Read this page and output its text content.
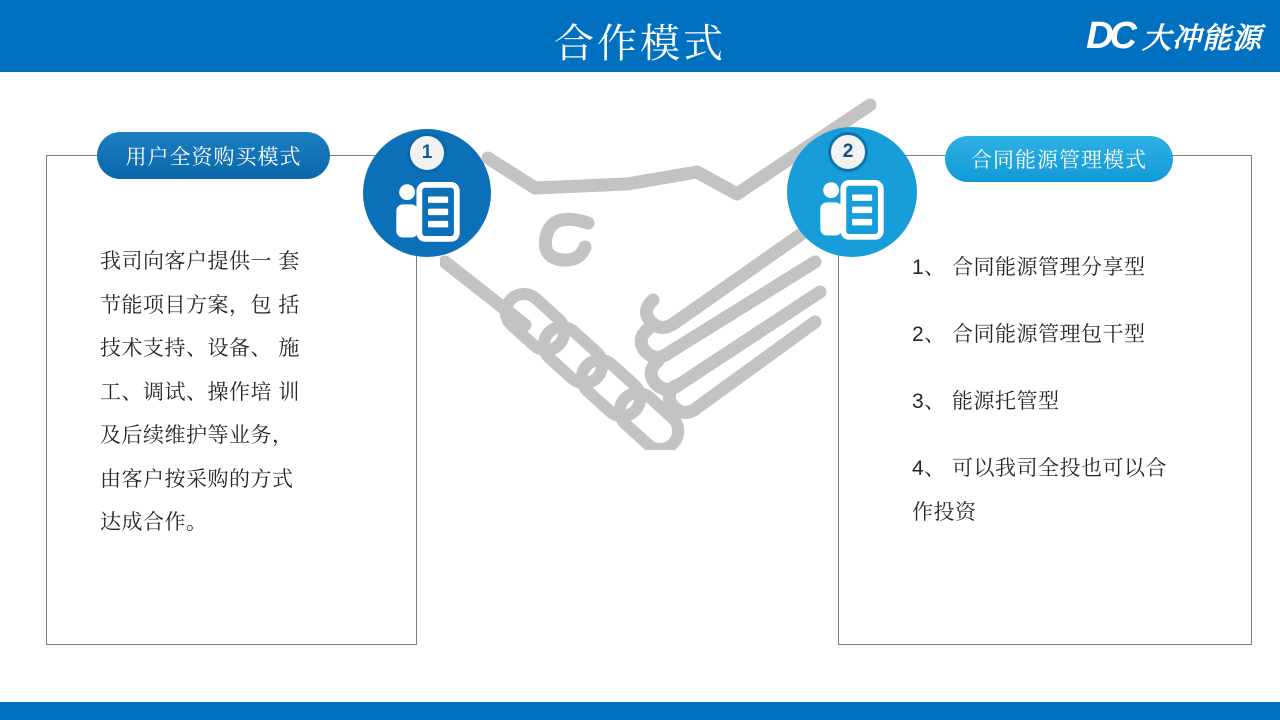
合作模式	DC 大冲能源
用户全资购买模式
我司向客户提供一 套
节能项目方案，包 括
技术支持、设备、 施
工、调试、操作培 训
及后续维护等业务，
由客户按采购的方式
达成合作。
合同能源管理模式
1、 合同能源管理分享型
2、 合同能源管理包干型
3、 能源托管型
4、 可以我司全投也可以合
作投资
1	2
